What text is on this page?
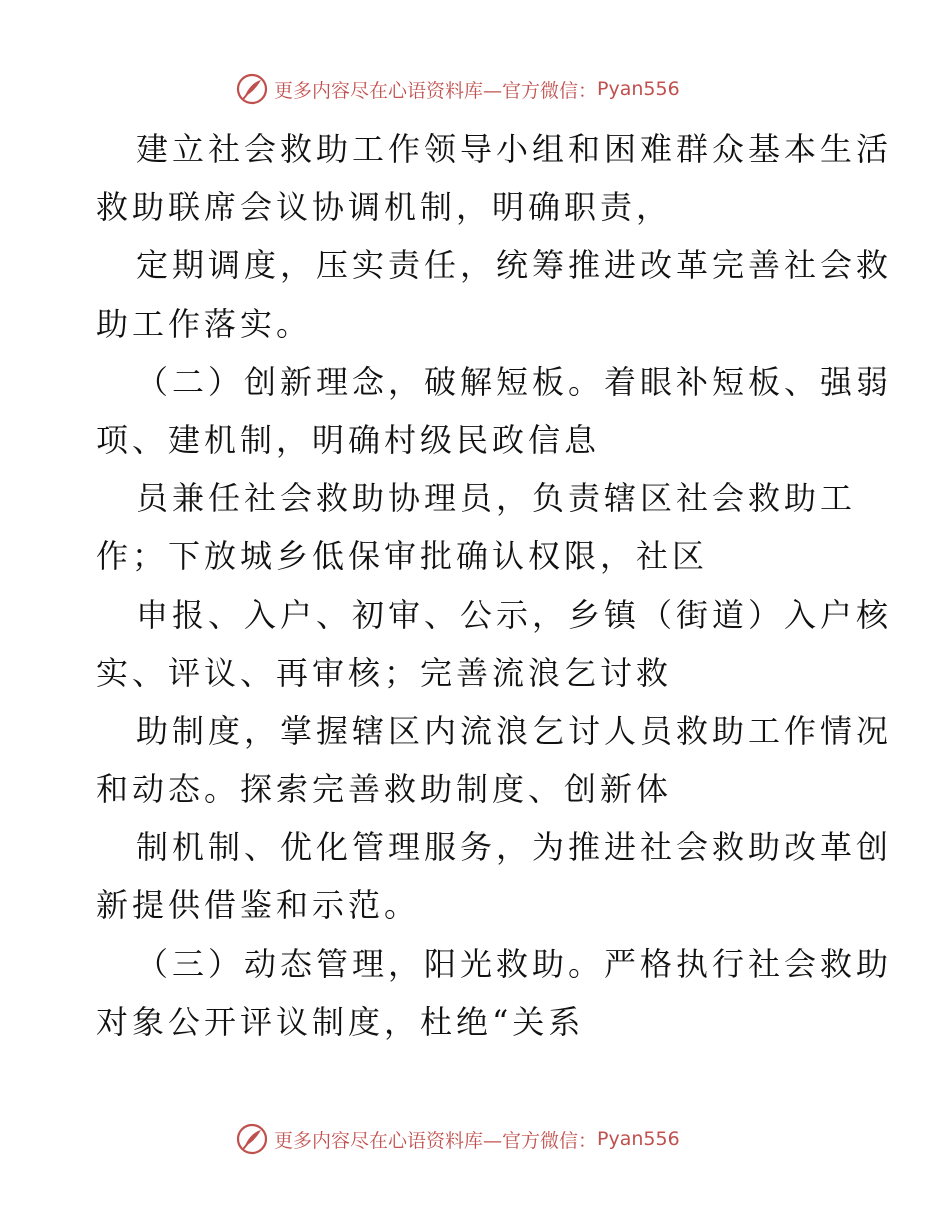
更多内容尽在心语资料库—官方微信： Pyan556
建立社会救助工作领导小组和困难群众基本生活
救助联席会议协调机制，明确职责，
定期调度，压实责任，统筹推进改革完善社会救
助工作落实。
（二）创新理念，破解短板。着眼补短板、强弱
项、建机制，明确村级民政信息
员兼任社会救助协理员，负责辖区社会救助工
作；下放城乡低保审批确认权限，社区
申报、入户、初审、公示，乡镇（街道）入户核
实、评议、再审核；完善流浪乞讨救
助制度，掌握辖区内流浪乞讨人员救助工作情况
和动态。探索完善救助制度、创新体
制机制、优化管理服务，为推进社会救助改革创
新提供借鉴和示范。
（三）动态管理，阳光救助。严格执行社会救助
对象公开评议制度，杜绝“关系
更多内容尽在心语资料库—官方微信： Pyan556
